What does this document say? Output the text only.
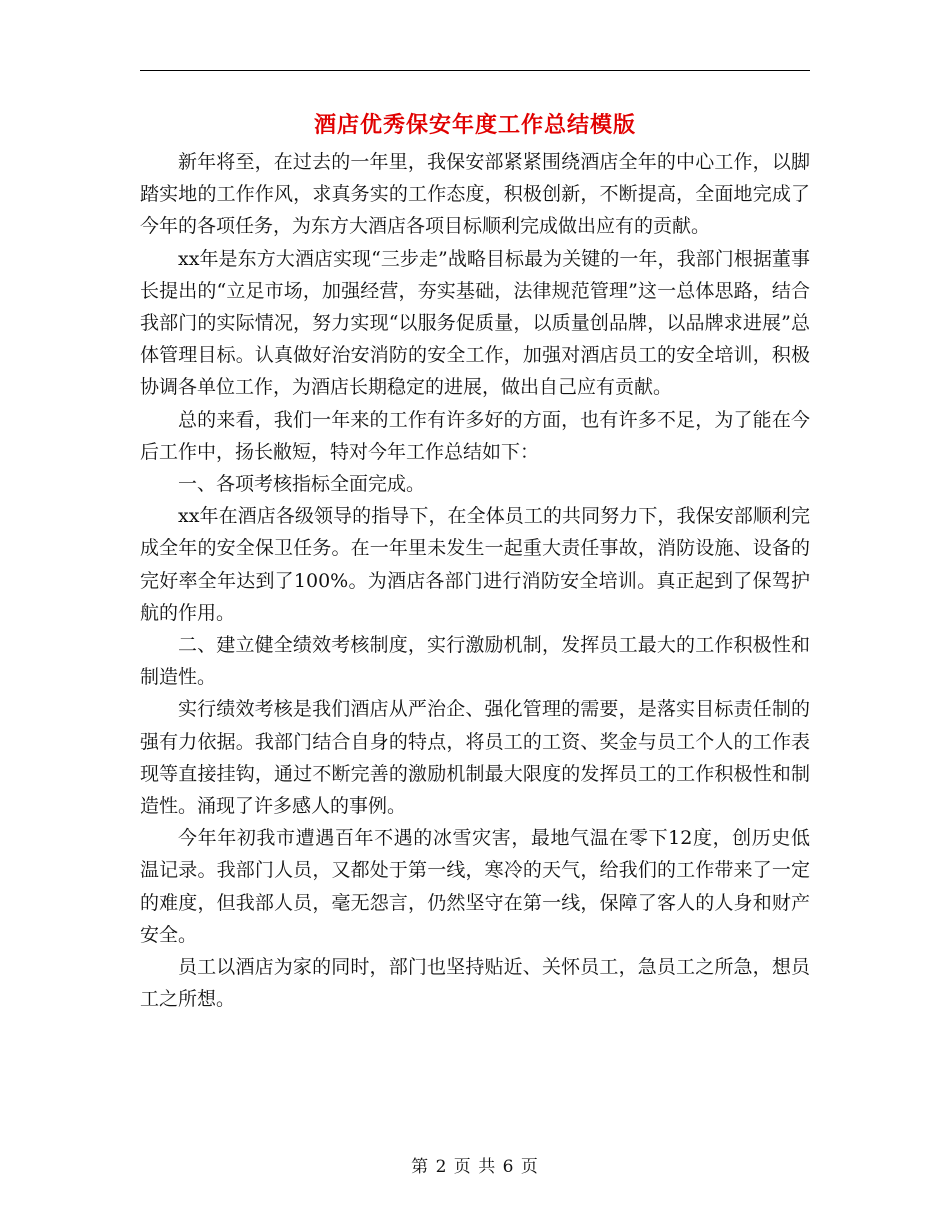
酒店优秀保安年度工作总结模版

新年将至，在过去的一年里，我保安部紧紧围绕酒店全年的中心工作，以脚踏实地的工作作风，求真务实的工作态度，积极创新，不断提高，全面地完成了今年的各项任务，为东方大酒店各项目标顺利完成做出应有的贡献。

xx年是东方大酒店实现“三步走”战略目标最为关键的一年，我部门根据董事长提出的“立足市场，加强经营，夯实基础，法律规范管理”这一总体思路，结合我部门的实际情况，努力实现“以服务促质量，以质量创品牌，以品牌求进展”总体管理目标。认真做好治安消防的安全工作，加强对酒店员工的安全培训，积极协调各单位工作，为酒店长期稳定的进展，做出自己应有贡献。

总的来看，我们一年来的工作有许多好的方面，也有许多不足，为了能在今后工作中，扬长敝短，特对今年工作总结如下：

一、各项考核指标全面完成。

xx年在酒店各级领导的指导下，在全体员工的共同努力下，我保安部顺利完成全年的安全保卫任务。在一年里未发生一起重大责任事故，消防设施、设备的完好率全年达到了100%。为酒店各部门进行消防安全培训。真正起到了保驾护航的作用。

二、建立健全绩效考核制度，实行激励机制，发挥员工最大的工作积极性和制造性。

实行绩效考核是我们酒店从严治企、强化管理的需要，是落实目标责任制的强有力依据。我部门结合自身的特点，将员工的工资、奖金与员工个人的工作表现等直接挂钩，通过不断完善的激励机制最大限度的发挥员工的工作积极性和制造性。涌现了许多感人的事例。

今年年初我市遭遇百年不遇的冰雪灾害，最地气温在零下12度，创历史低温记录。我部门人员，又都处于第一线，寒冷的天气，给我们的工作带来了一定的难度，但我部人员，毫无怨言，仍然坚守在第一线，保障了客人的人身和财产安全。

员工以酒店为家的同时，部门也坚持贴近、关怀员工，急员工之所急，想员工之所想。

第 2 页 共 6 页
